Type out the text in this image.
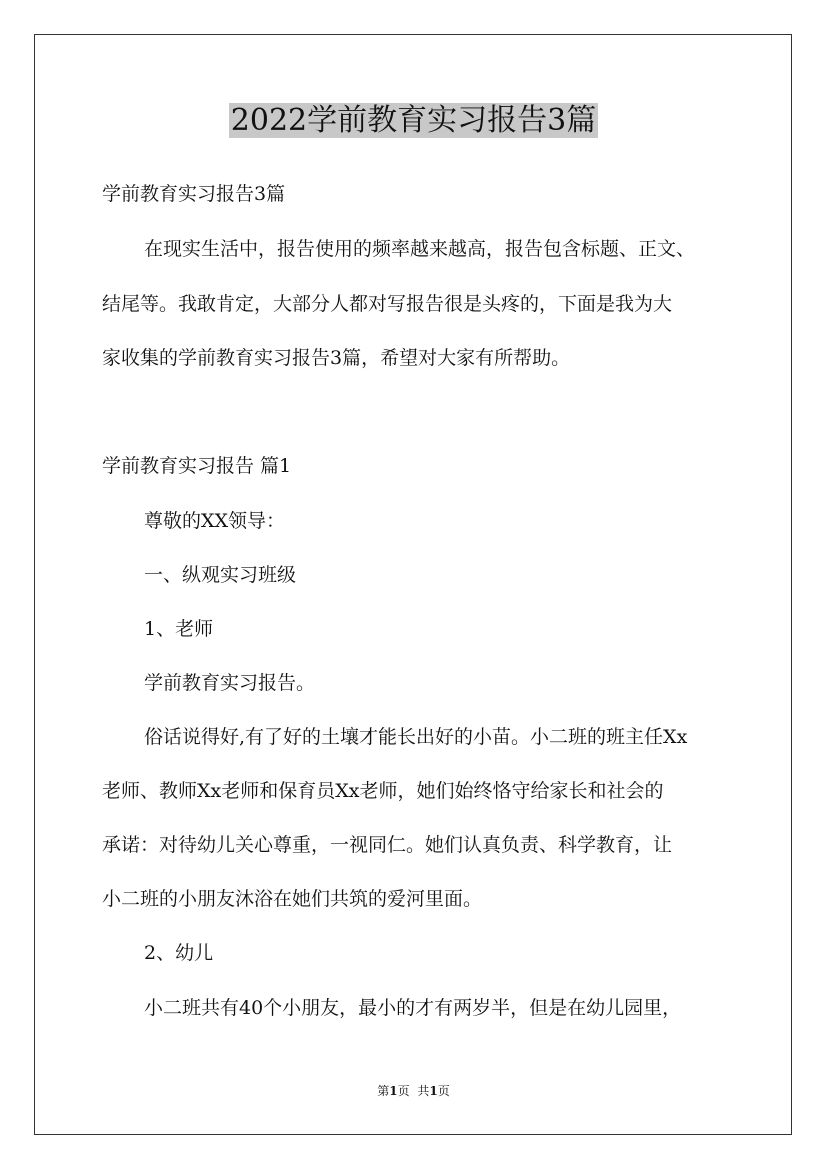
2022学前教育实习报告3篇

学前教育实习报告3篇

在现实生活中，报告使用的频率越来越高，报告包含标题、正文、

结尾等。我敢肯定，大部分人都对写报告很是头疼的，下面是我为大

家收集的学前教育实习报告3篇，希望对大家有所帮助。

学前教育实习报告 篇1

尊敬的XX领导：

一、纵观实习班级

1、老师

学前教育实习报告。

俗话说得好,有了好的土壤才能长出好的小苗。小二班的班主任Xx

老师、教师Xx老师和保育员Xx老师，她们始终恪守给家长和社会的

承诺：对待幼儿关心尊重，一视同仁。她们认真负责、科学教育，让

小二班的小朋友沐浴在她们共筑的爱河里面。

2、幼儿

小二班共有40个小朋友，最小的才有两岁半，但是在幼儿园里，

第1页 共1页
